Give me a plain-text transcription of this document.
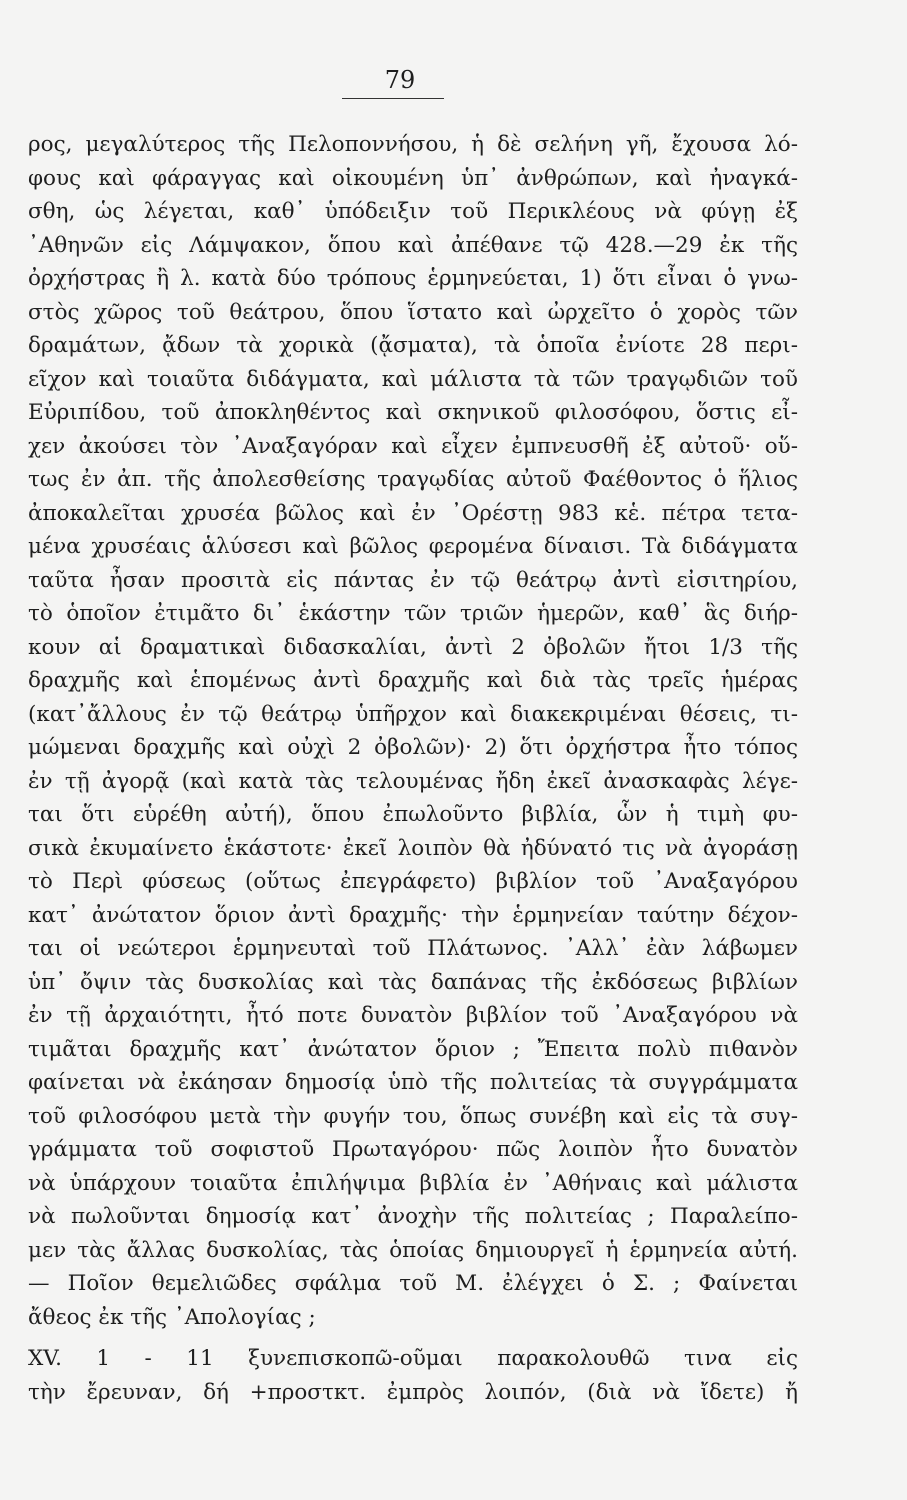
79
ρος, μεγαλύτερος τῆς Πελοποννήσου, ἡ δὲ σελήνη γῆ, ἔχουσα λό-
φους καὶ φάραγγας καὶ οἰκουμένη ὑπ᾽ ἀνθρώπων, καὶ ἠναγκά-
σθη, ὡς λέγεται, καθ᾽ ὑπόδειξιν τοῦ Περικλέους νὰ φύγῃ ἐξ
᾽Αθηνῶν εἰς Λάμψακον, ὅπου καὶ ἀπέθανε τῷ 428.—29 ἐκ τῆς
ὀρχήστρας ἢ λ. κατὰ δύο τρόπους ἑρμηνεύεται, 1) ὅτι εἶναι ὁ γνω-
στὸς χῶρος τοῦ θεάτρου, ὅπου ἵστατο καὶ ὠρχεῖτο ὁ χορὸς τῶν
δραμάτων, ᾄδων τὰ χορικὰ (ᾄσματα), τὰ ὁποῖα ἐνίοτε 28 περι-
εῖχον καὶ τοιαῦτα διδάγματα, καὶ μάλιστα τὰ τῶν τραγῳδιῶν τοῦ
Εὐριπίδου, τοῦ ἀποκληθέντος καὶ σκηνικοῦ φιλοσόφου, ὅστις εἶ-
χεν ἀκούσει τὸν ᾽Αναξαγόραν καὶ εἶχεν ἐμπνευσθῆ ἐξ αὐτοῦ· οὕ-
τως ἐν ἀπ. τῆς ἀπολεσθείσης τραγῳδίας αὐτοῦ Φαέθοντος ὁ ἥλιος
ἀποκαλεῖται χρυσέα βῶλος καὶ ἐν ᾽Ορέστῃ 983 κἑ. πέτρα τετα-
μένα χρυσέαις ἁλύσεσι καὶ βῶλος φερομένα δίναισι. Τὰ διδάγματα
ταῦτα ἦσαν προσιτὰ εἰς πάντας ἐν τῷ θεάτρῳ ἀντὶ εἰσιτηρίου,
τὸ ὁποῖον ἐτιμᾶτο δι᾽ ἑκάστην τῶν τριῶν ἡμερῶν, καθ᾽ ἃς διήρ-
κουν αἱ δραματικαὶ διδασκαλίαι, ἀντὶ 2 ὀβολῶν ἤτοι 1/3 τῆς
δραχμῆς καὶ ἑπομένως ἀντὶ δραχμῆς καὶ διὰ τὰς τρεῖς ἡμέρας
(κατ᾽ἄλλους ἐν τῷ θεάτρῳ ὑπῆρχον καὶ διακεκριμέναι θέσεις, τι-
μώμεναι δραχμῆς καὶ οὐχὶ 2 ὀβολῶν)· 2) ὅτι ὀρχήστρα ἦτο τόπος
ἐν τῇ ἀγορᾷ (καὶ κατὰ τὰς τελουμένας ἤδη ἐκεῖ ἀνασκαφὰς λέγε-
ται ὅτι εὑρέθη αὐτή), ὅπου ἐπωλοῦντο βιβλία, ὧν ἡ τιμὴ φυ-
σικὰ ἐκυμαίνετο ἑκάστοτε· ἐκεῖ λοιπὸν θὰ ἠδύνατό τις νὰ ἀγοράσῃ
τὸ Περὶ φύσεως (οὕτως ἐπεγράφετο) βιβλίον τοῦ ᾽Αναξαγόρου
κατ᾽ ἀνώτατον ὅριον ἀντὶ δραχμῆς· τὴν ἑρμηνείαν ταύτην δέχον-
ται οἱ νεώτεροι ἑρμηνευταὶ τοῦ Πλάτωνος. ᾽Αλλ᾽ ἐὰν λάβωμεν
ὑπ᾽ ὄψιν τὰς δυσκολίας καὶ τὰς δαπάνας τῆς ἐκδόσεως βιβλίων
ἐν τῇ ἀρχαιότητι, ἦτό ποτε δυνατὸν βιβλίον τοῦ ᾽Αναξαγόρου νὰ
τιμᾶται δραχμῆς κατ᾽ ἀνώτατον ὅριον ; Ἔπειτα πολὺ πιθανὸν
φαίνεται νὰ ἐκάησαν δημοσίᾳ ὑπὸ τῆς πολιτείας τὰ συγγράμματα
τοῦ φιλοσόφου μετὰ τὴν φυγήν του, ὅπως συνέβη καὶ εἰς τὰ συγ-
γράμματα τοῦ σοφιστοῦ Πρωταγόρου· πῶς λοιπὸν ἦτο δυνατὸν
νὰ ὑπάρχουν τοιαῦτα ἐπιλήψιμα βιβλία ἐν ᾽Αθήναις καὶ μάλιστα
νὰ πωλοῦνται δημοσίᾳ κατ᾽ ἀνοχὴν τῆς πολιτείας ; Παραλείπο-
μεν τὰς ἄλλας δυσκολίας, τὰς ὁποίας δημιουργεῖ ἡ ἑρμηνεία αὐτή.
— Ποῖον θεμελιῶδες σφάλμα τοῦ Μ. ἐλέγχει ὁ Σ. ; Φαίνεται
ἄθεος ἐκ τῆς ᾽Απολογίας ;
XV. 1 - 11 ξυνεπισκοπῶ-οῦμαι παρακολουθῶ τινα εἰς
τὴν ἔρευναν, δή +προστκτ. ἐμπρὸς λοιπόν, (διὰ νὰ ἴδετε) ἤ
